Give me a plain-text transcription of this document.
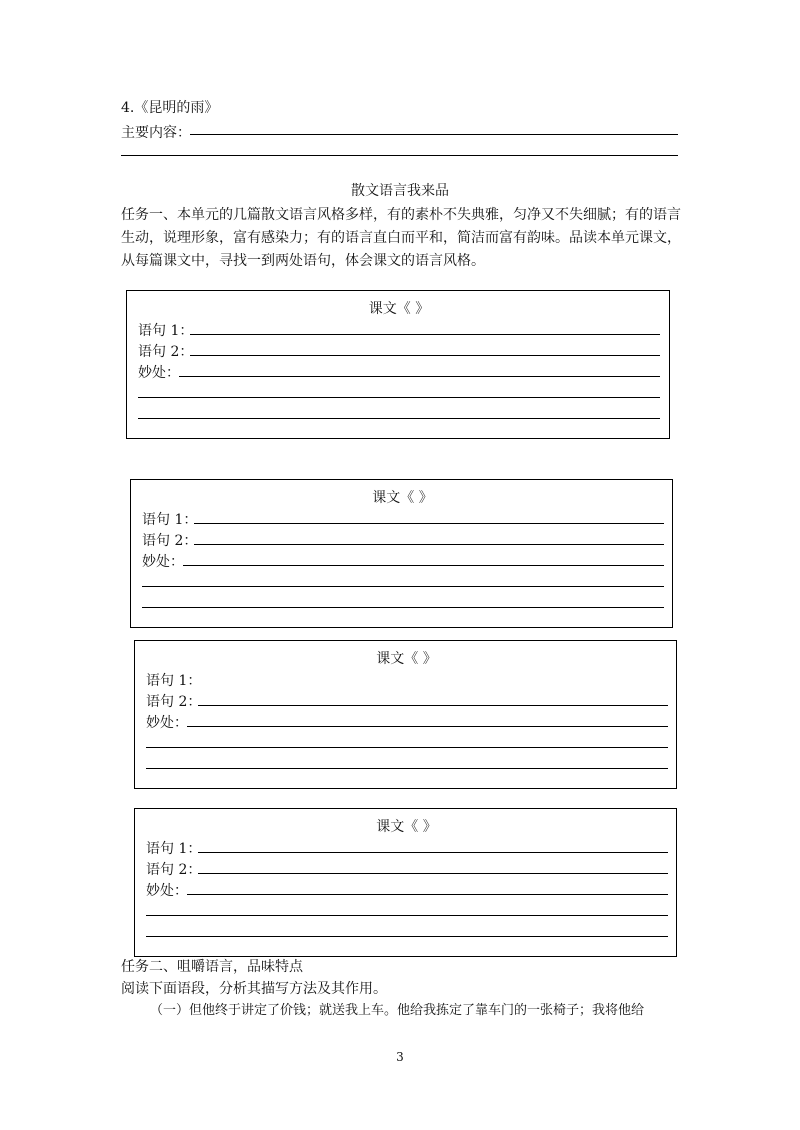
4.《昆明的雨》
主要内容：
散文语言我来品
任务一、本单元的几篇散文语言风格多样，有的素朴不失典雅，匀净又不失细腻；有的语言
生动，说理形象，富有感染力；有的语言直白而平和，简洁而富有韵味。品读本单元课文，
从每篇课文中，寻找一到两处语句，体会课文的语言风格。
课文《 》
语句 1：
语句 2：
妙处：
课文《 》
语句 1：
语句 2：
妙处：
课文《 》
语句 1：
语句 2：
妙处：
课文《 》
语句 1：
语句 2：
妙处：
任务二、咀嚼语言，品味特点
阅读下面语段，分析其描写方法及其作用。
（一）但他终于讲定了价钱；就送我上车。他给我拣定了靠车门的一张椅子；我将他给
3
